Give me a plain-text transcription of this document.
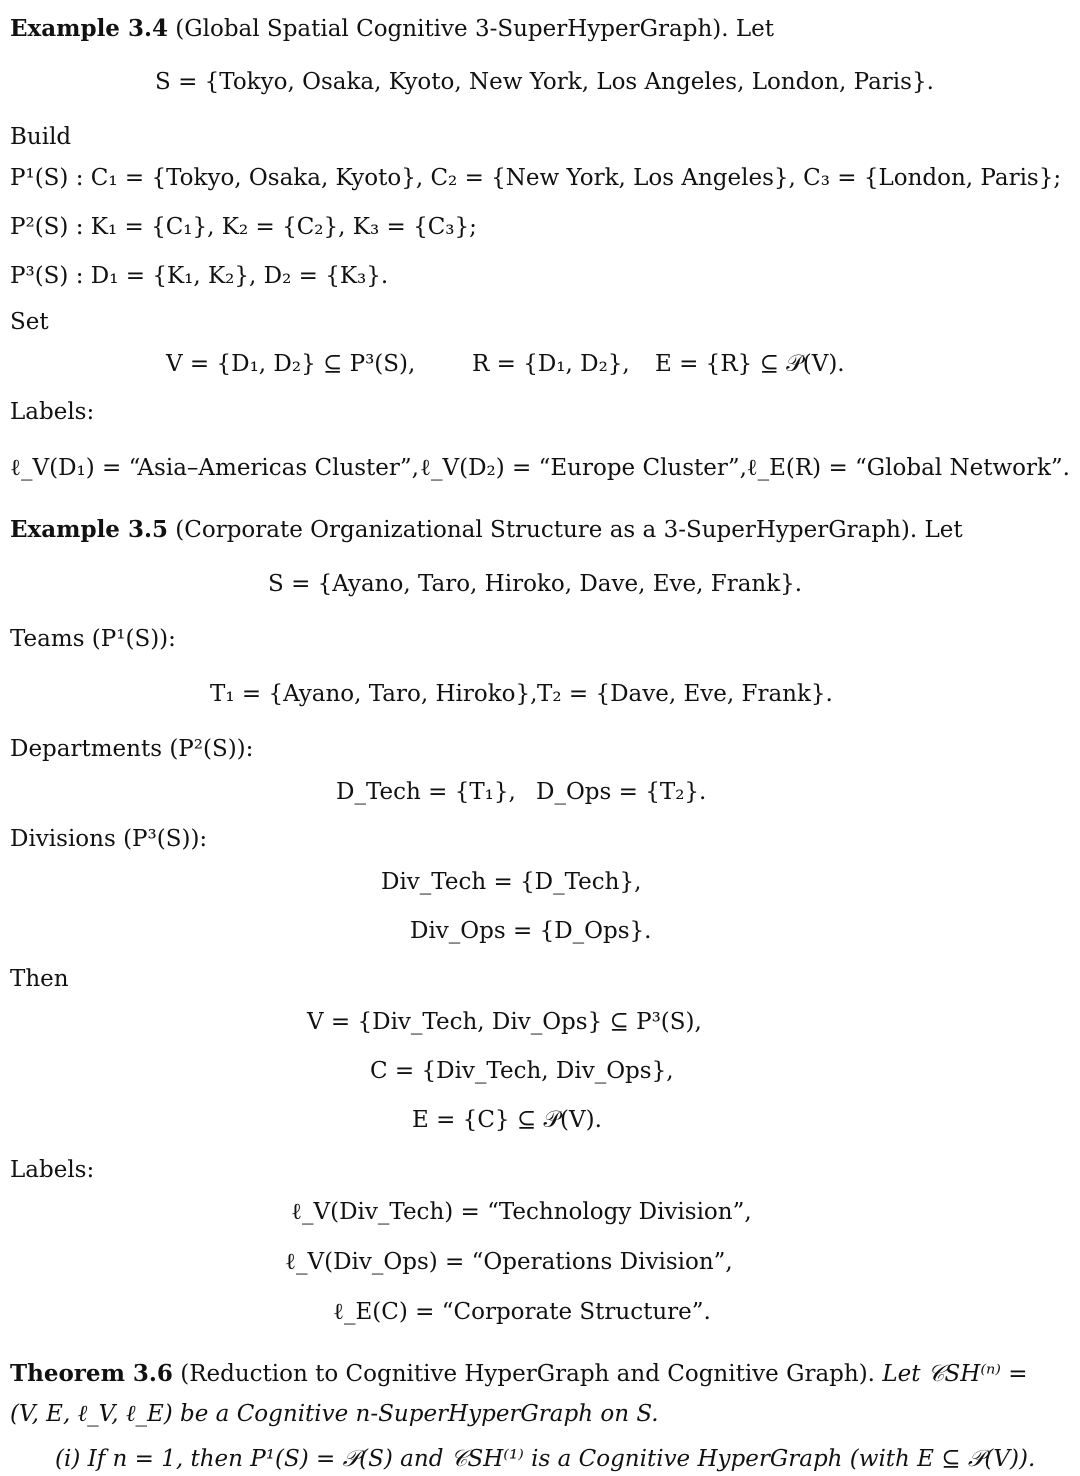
Example 3.4 (Global Spatial Cognitive 3-SuperHyperGraph). Let
S = {Tokyo, Osaka, Kyoto, New York, Los Angeles, London, Paris}.
Build
P¹(S) : C₁ = {Tokyo, Osaka, Kyoto}, C₂ = {New York, Los Angeles}, C₃ = {London, Paris};
P²(S) : K₁ = {C₁}, K₂ = {C₂}, K₃ = {C₃};
P³(S) : D₁ = {K₁, K₂}, D₂ = {K₃}.
Set
V = {D₁, D₂} ⊆ P³(S), R = {D₁, D₂}, E = {R} ⊆ 𝒫(V).
Labels:
ℓ_V(D₁) = “Asia–Americas Cluster”, ℓ_V(D₂) = “Europe Cluster”, ℓ_E(R) = “Global Network”.
Example 3.5 (Corporate Organizational Structure as a 3-SuperHyperGraph). Let
S = {Ayano, Taro, Hiroko, Dave, Eve, Frank}.
Teams (P¹(S)):
T₁ = {Ayano, Taro, Hiroko}, T₂ = {Dave, Eve, Frank}.
Departments (P²(S)):
D_Tech = {T₁}, D_Ops = {T₂}.
Divisions (P³(S)):
Div_Tech = {D_Tech},
Div_Ops = {D_Ops}.
Then
V = {Div_Tech, Div_Ops} ⊆ P³(S),
C = {Div_Tech, Div_Ops},
E = {C} ⊆ 𝒫(V).
Labels:
ℓ_V(Div_Tech) = “Technology Division”,
ℓ_V(Div_Ops) = “Operations Division”,
ℓ_E(C) = “Corporate Structure”.
Theorem 3.6 (Reduction to Cognitive HyperGraph and Cognitive Graph). Let 𝒞SH⁽ⁿ⁾ =
(V, E, ℓ_V, ℓ_E) be a Cognitive n-SuperHyperGraph on S.
(i) If n = 1, then P¹(S) = 𝒫(S) and 𝒞SH⁽¹⁾ is a Cognitive HyperGraph (with E ⊆ 𝒫(V)).
